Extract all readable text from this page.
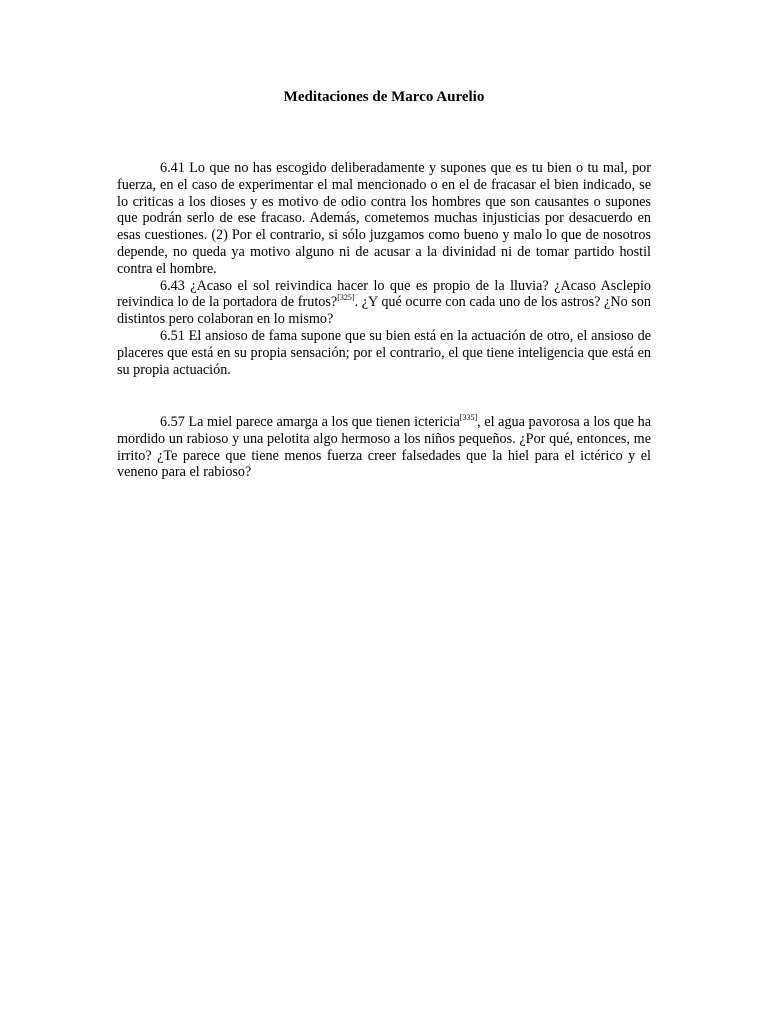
Meditaciones de Marco Aurelio

6.41 Lo que no has escogido deliberadamente y supones que es tu bien o tu mal, por fuerza, en el caso de experimentar el mal mencionado o en el de fracasar el bien indicado, se lo criticas a los dioses y es motivo de odio contra los hombres que son causantes o supones que podrán serlo de ese fracaso. Además, cometemos muchas injusticias por desacuerdo en esas cuestiones. (2) Por el contrario, si sólo juzgamos como bueno y malo lo que de nosotros depende, no queda ya motivo alguno ni de acusar a la divinidad ni de tomar partido hostil contra el hombre.

6.43 ¿Acaso el sol reivindica hacer lo que es propio de la lluvia? ¿Acaso Asclepio reivindica lo de la portadora de frutos?[325]. ¿Y qué ocurre con cada uno de los astros? ¿No son distintos pero colaboran en lo mismo?

6.51 El ansioso de fama supone que su bien está en la actuación de otro, el ansioso de placeres que está en su propia sensación; por el contrario, el que tiene inteligencia que está en su propia actuación.

6.57 La miel parece amarga a los que tienen ictericia[335], el agua pavorosa a los que ha mordido un rabioso y una pelotita algo hermoso a los niños pequeños. ¿Por qué, entonces, me irrito? ¿Te parece que tiene menos fuerza creer falsedades que la hiel para el ictérico y el veneno para el rabioso?
